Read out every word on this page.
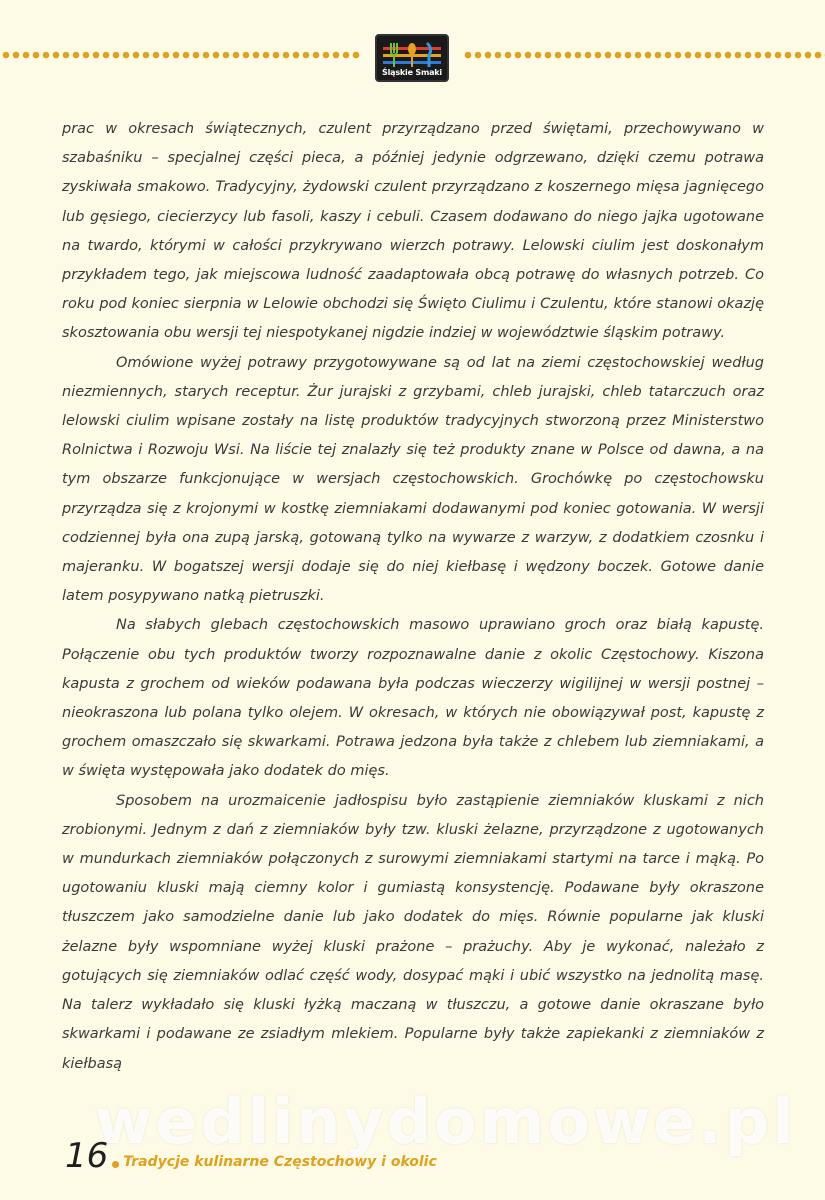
Śląskie Smaki

prac w okresach świątecznych, czulent przyrządzano przed świętami, przechowywano w szabaśniku – specjalnej części pieca, a później jedynie odgrzewano, dzięki czemu potrawa zyskiwała smakowo. Tradycyjny, żydowski czulent przyrządzano z koszernego mięsa jagnięcego lub gęsiego, ciecierzycy lub fasoli, kaszy i cebuli. Czasem dodawano do niego jajka ugotowane na twardo, którymi w całości przykrywano wierzch potrawy. Lelowski ciulim jest doskonałym przykładem tego, jak miejscowa ludność zaadaptowała obcą potrawę do własnych potrzeb. Co roku pod koniec sierpnia w Lelowie obchodzi się Święto Ciulimu i Czulentu, które stanowi okazję skosztowania obu wersji tej niespotykanej nigdzie indziej w województwie śląskim potrawy.

Omówione wyżej potrawy przygotowywane są od lat na ziemi częstochowskiej według niezmiennych, starych receptur. Żur jurajski z grzybami, chleb jurajski, chleb tatarczuch oraz lelowski ciulim wpisane zostały na listę produktów tradycyjnych stworzoną przez Ministerstwo Rolnictwa i Rozwoju Wsi. Na liście tej znalazły się też produkty znane w Polsce od dawna, a na tym obszarze funkcjonujące w wersjach częstochowskich. Grochówkę po częstochowsku przyrządza się z krojonymi w kostkę ziemniakami dodawanymi pod koniec gotowania. W wersji codziennej była ona zupą jarską, gotowaną tylko na wywarze z warzyw, z dodatkiem czosnku i majeranku. W bogatszej wersji dodaje się do niej kiełbasę i wędzony boczek. Gotowe danie latem posypywano natką pietruszki.

Na słabych glebach częstochowskich masowo uprawiano groch oraz białą kapustę. Połączenie obu tych produktów tworzy rozpoznawalne danie z okolic Częstochowy. Kiszona kapusta z grochem od wieków podawana była podczas wieczerzy wigilijnej w wersji postnej – nieokraszona lub polana tylko olejem. W okresach, w których nie obowiązywał post, kapustę z grochem omaszczało się skwarkami. Potrawa jedzona była także z chlebem lub ziemniakami, a w święta występowała jako dodatek do mięs.

Sposobem na urozmaicenie jadłospisu było zastąpienie ziemniaków kluskami z nich zrobionymi. Jednym z dań z ziemniaków były tzw. kluski żelazne, przyrządzone z ugotowanych w mundurkach ziemniaków połączonych z surowymi ziemniakami startymi na tarce i mąką. Po ugotowaniu kluski mają ciemny kolor i gumiastą konsystencję. Podawane były okraszone tłuszczem jako samodzielne danie lub jako dodatek do mięs. Równie popularne jak kluski żelazne były wspomniane wyżej kluski prażone – prażuchy. Aby je wykonać, należało z gotujących się ziemniaków odlać część wody, dosypać mąki i ubić wszystko na jednolitą masę. Na talerz wykładało się kluski łyżką maczaną w tłuszczu, a gotowe danie okraszane było skwarkami i podawane ze zsiadłym mlekiem. Popularne były także zapiekanki z ziemniaków z kiełbasą

wedlinydomowe.pl
16 Tradycje kulinarne Częstochowy i okolic
